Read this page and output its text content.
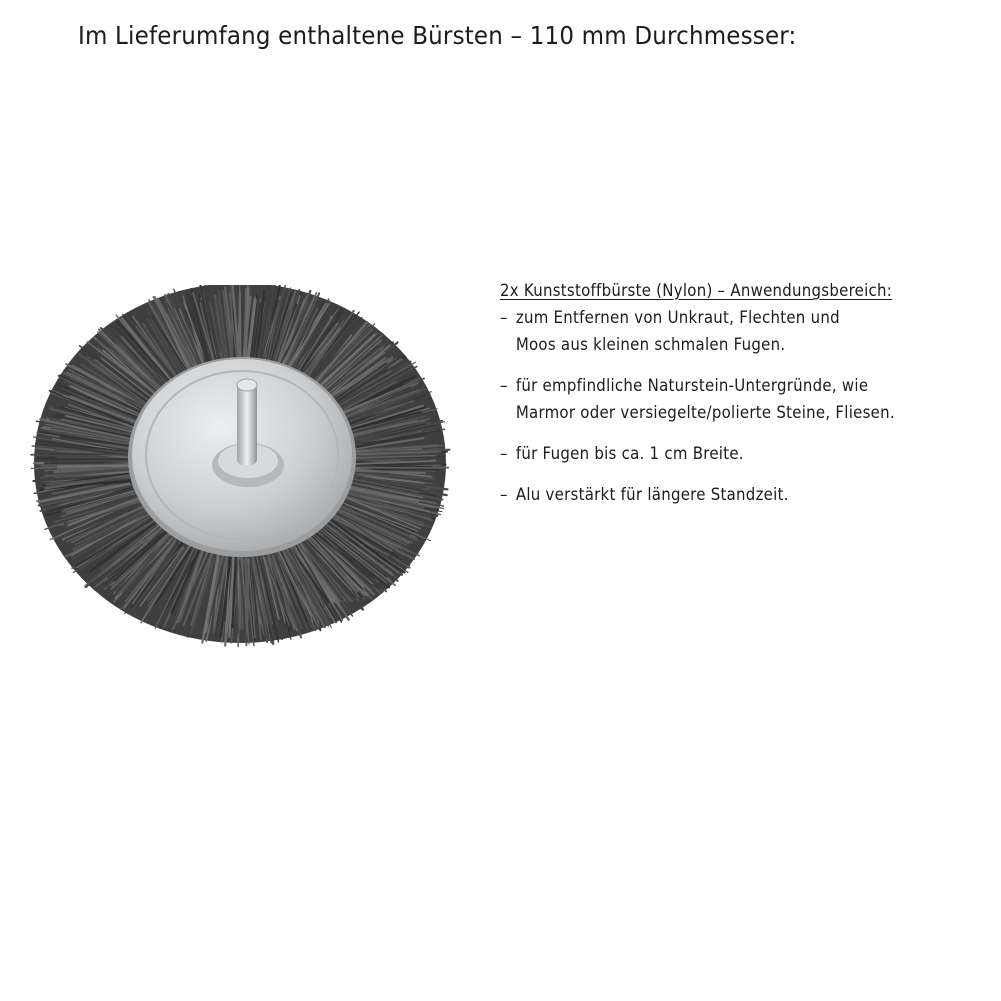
Im Lieferumfang enthaltene Bürsten – 110 mm Durchmesser:
2x Kunststoffbürste (Nylon) – Anwendungsbereich:
– zum Entfernen von Unkraut, Flechten und
Moos aus kleinen schmalen Fugen.
– für empfindliche Naturstein-Untergründe, wie
Marmor oder versiegelte/polierte Steine, Fliesen.
– für Fugen bis ca. 1 cm Breite.
– Alu verstärkt für längere Standzeit.
